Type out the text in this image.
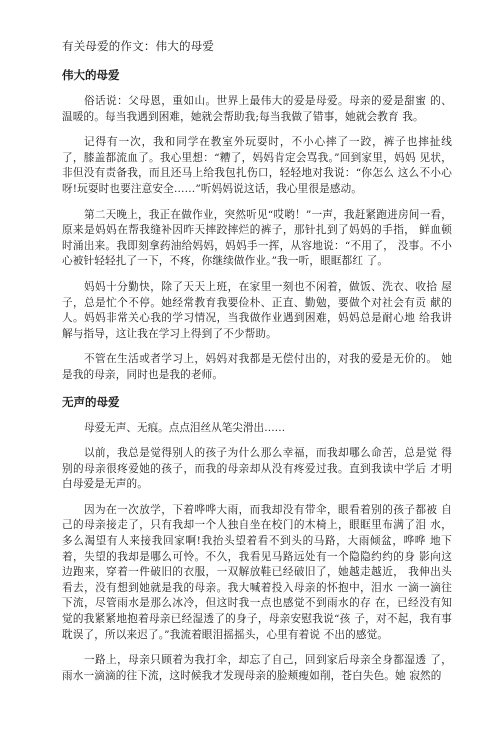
有关母爱的作文：伟大的母爱
伟大的母爱

俗话说：父母恩，重如山。世界上最伟大的爱是母爱。母亲的爱是甜蜜 的、温暖的。每当我遇到困难，她就会帮助我;每当我做了错事，她就会教育 我。

记得有一次，我和同学在教室外玩耍时，不小心摔了一跤，裤子也摔扯线 了，膝盖都流血了。我心里想：“糟了，妈妈肯定会骂我。”回到家里，妈妈 见状，非但没有责备我，而且还马上给我包扎伤口，轻轻地对我说：“你怎么 这么不小心呀!玩耍时也要注意安全……”听妈妈说这话，我心里很是感动。

第二天晚上，我正在做作业，突然听见“哎哟！”一声，我赶紧跑进房间一看，原来是妈妈在帮我缝补因昨天摔跤摔烂的裤子，那针扎到了妈妈的手指， 鲜血顿时涌出来。我即刻拿药油给妈妈，妈妈手一挥，从容地说：“不用了， 没事。不小心被针轻轻扎了一下，不疼，你继续做作业。”我一听，眼眶都红 了。

妈妈十分勤快，除了天天上班，在家里一刻也不闲着，做饭、洗衣、收拾 屋子，总是忙个不停。她经常教育我要俭朴、正直、勤勉，要做个对社会有贡 献的人。妈妈非常关心我的学习情况，当我做作业遇到困难，妈妈总是耐心地 给我讲解与指导，这让我在学习上得到了不少帮助。

不管在生活或者学习上，妈妈对我都是无偿付出的，对我的爱是无价的。 她是我的母亲，同时也是我的老师。

无声的母爱

母爱无声、无痕。点点泪丝从笔尖滑出……

以前，我总是觉得别人的孩子为什么那么幸福，而我却哪么命苦，总是觉 得别的母亲很疼爱她的孩子，而我的母亲却从没有疼爱过我。直到我读中学后 才明白母爱是无声的。

因为在一次放学，下着哗哗大雨，而我却没有带伞，眼看着别的孩子都被 自己的母亲接走了，只有我却一个人独自坐在校门的木椅上，眼眶里布满了泪 水，多么渴望有人来接我回家啊!我抬头望着看不到头的马路，大雨倾盆，哗哗 地下着，失望的我却是哪么可怜。不久，我看见马路远处有一个隐隐约约的身 影向这边跑来，穿着一件破旧的衣服，一双解放鞋已经破旧了，她越走越近， 我伸出头看去，没有想到她就是我的母亲。我大喊着投入母亲的怀抱中，泪水 一滴一滴往下流，尽管雨水是那么冰冷，但这时我一点也感觉不到雨水的存 在，已经没有知觉的我紧紧地抱着母亲已经湿透了的身子，母亲安慰我说“孩 子，对不起，我有事耽误了，所以来迟了。”我流着眼泪摇摇头，心里有着说 不出的感觉。

一路上，母亲只顾着为我打伞，却忘了自己，回到家后母亲全身都湿透 了，雨水一滴滴的往下流，这时候我才发现母亲的脸颊瘦如削，苍白失色。她 寂然的
